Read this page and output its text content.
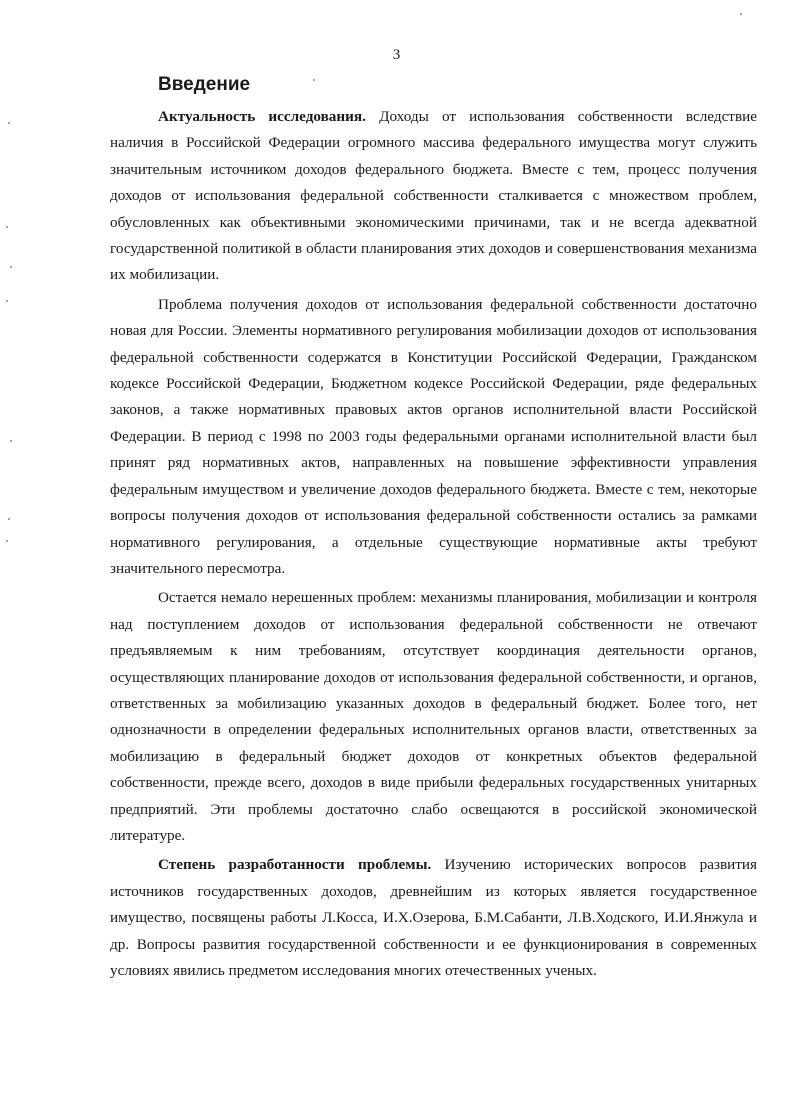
3
Введение

Актуальность исследования. Доходы от использования собственности вследствие наличия в Российской Федерации огромного массива федерального имущества могут служить значительным источником доходов федерального бюджета. Вместе с тем, процесс получения доходов от использования федеральной собственности сталкивается с множеством проблем, обусловленных как объективными экономическими причинами, так и не всегда адекватной государственной политикой в области планирования этих доходов и совершенствования механизма их мобилизации.

Проблема получения доходов от использования федеральной собственности достаточно новая для России. Элементы нормативного регулирования мобилизации доходов от использования федеральной собственности содержатся в Конституции Российской Федерации, Гражданском кодексе Российской Федерации, Бюджетном кодексе Российской Федерации, ряде федеральных законов, а также нормативных правовых актов органов исполнительной власти Российской Федерации. В период с 1998 по 2003 годы федеральными органами исполнительной власти был принят ряд нормативных актов, направленных на повышение эффективности управления федеральным имуществом и увеличение доходов федерального бюджета. Вместе с тем, некоторые вопросы получения доходов от использования федеральной собственности остались за рамками нормативного регулирования, а отдельные существующие нормативные акты требуют значительного пересмотра.

Остается немало нерешенных проблем: механизмы планирования, мобилизации и контроля над поступлением доходов от использования федеральной собственности не отвечают предъявляемым к ним требованиям, отсутствует координация деятельности органов, осуществляющих планирование доходов от использования федеральной собственности, и органов, ответственных за мобилизацию указанных доходов в федеральный бюджет. Более того, нет однозначности в определении федеральных исполнительных органов власти, ответственных за мобилизацию в федеральный бюджет доходов от конкретных объектов федеральной собственности, прежде всего, доходов в виде прибыли федеральных государственных унитарных предприятий. Эти проблемы достаточно слабо освещаются в российской экономической литературе.

Степень разработанности проблемы. Изучению исторических вопросов развития источников государственных доходов, древнейшим из которых является государственное имущество, посвящены работы Л.Косса, И.Х.Озерова, Б.М.Сабанти, Л.В.Ходского, И.И.Янжула и др. Вопросы развития государственной собственности и ее функционирования в современных условиях явились предметом исследования многих отечественных ученых.
